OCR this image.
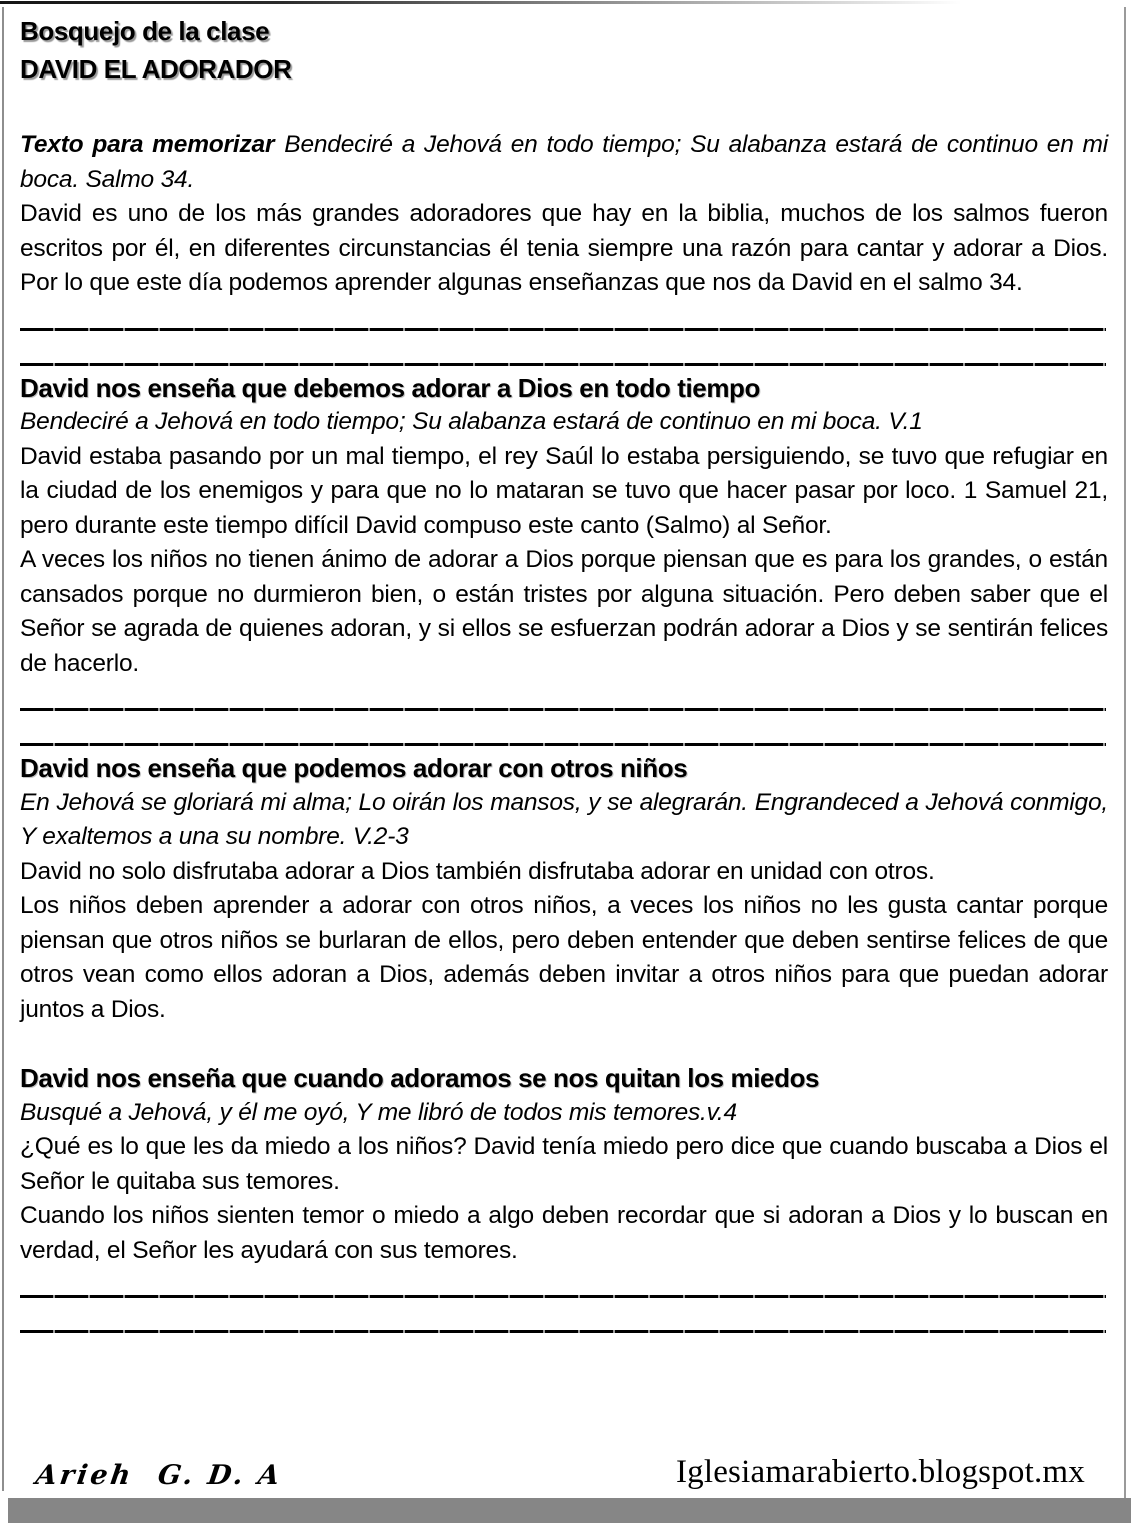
Bosquejo de la clase
DAVID EL ADORADOR

Texto para memorizar Bendeciré a Jehová en todo tiempo; Su alabanza estará de continuo en mi boca. Salmo 34.

David es uno de los más grandes adoradores que hay en la biblia, muchos de los salmos fueron escritos por él, en diferentes circunstancias él tenia siempre una razón para cantar y adorar a Dios. Por lo que este día podemos aprender algunas enseñanzas que nos da David en el salmo 34.

David nos enseña que debemos adorar a Dios en todo tiempo

Bendeciré a Jehová en todo tiempo; Su alabanza estará de continuo en mi boca. V.1

David estaba pasando por un mal tiempo, el rey Saúl lo estaba persiguiendo, se tuvo que refugiar en la ciudad de los enemigos y para que no lo mataran se tuvo que hacer pasar por loco. 1 Samuel 21, pero durante este tiempo difícil David compuso este canto (Salmo) al Señor.

A veces los niños no tienen ánimo de adorar a Dios porque piensan que es para los grandes, o están cansados porque no durmieron bien, o están tristes por alguna situación. Pero deben saber que el Señor se agrada de quienes adoran, y si ellos se esfuerzan podrán adorar a Dios y se sentirán felices de hacerlo.

David nos enseña que podemos adorar con otros niños

En Jehová se gloriará mi alma; Lo oirán los mansos, y se alegrarán. Engrandeced a Jehová conmigo, Y exaltemos a una su nombre. V.2-3

David no solo disfrutaba adorar a Dios también disfrutaba adorar en unidad con otros.

Los niños deben aprender a adorar con otros niños, a veces los niños no les gusta cantar porque piensan que otros niños se burlaran de ellos, pero deben entender que deben sentirse felices de que otros vean como ellos adoran a Dios, además deben invitar a otros niños para que puedan adorar juntos a Dios.

David nos enseña que cuando adoramos se nos quitan los miedos

Busqué a Jehová, y él me oyó, Y me libró de todos mis temores.v.4

¿Qué es lo que les da miedo a los niños? David tenía miedo pero dice que cuando buscaba a Dios el Señor le quitaba sus temores.

Cuando los niños sienten temor o miedo a algo deben recordar que si adoran a Dios y lo buscan en verdad, el Señor les ayudará con sus temores.

Arieh  G. D. A	Iglesiamarabierto.blogspot.mx
